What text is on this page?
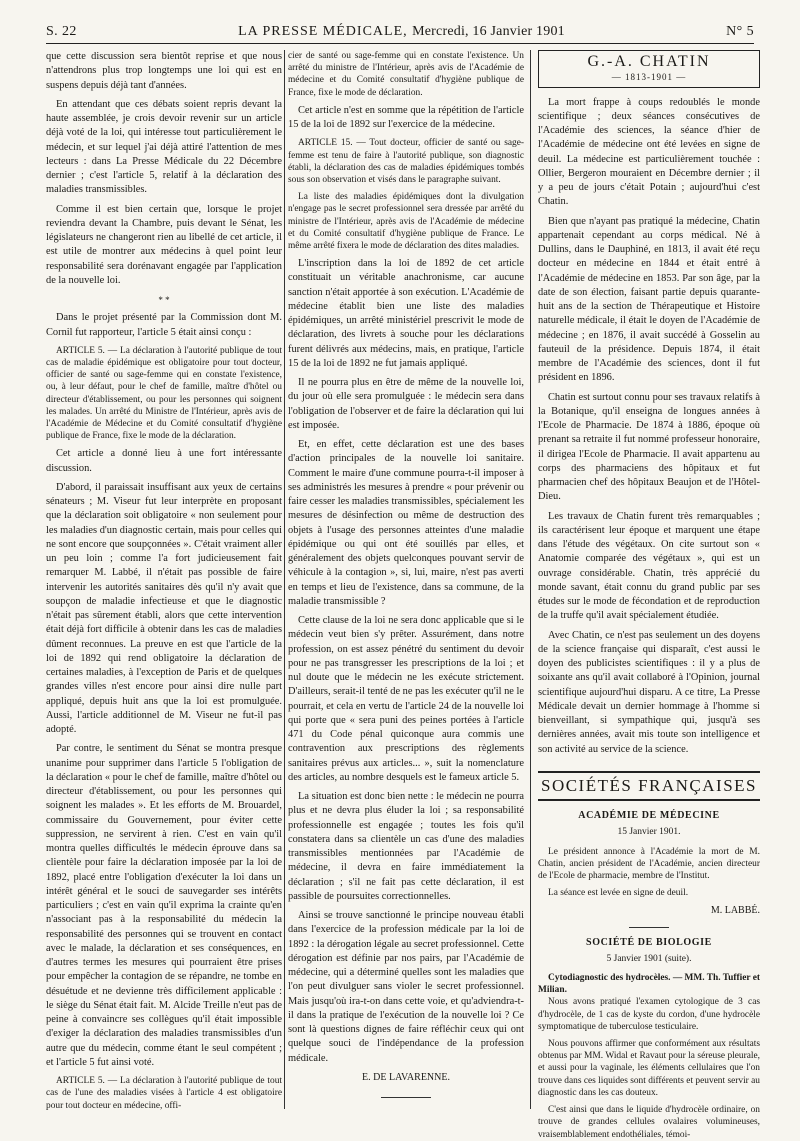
S. 22	LA PRESSE MÉDICALE, Mercredi, 16 Janvier 1901	N° 5

que cette discussion sera bientôt reprise et que nous n'attendrons plus trop longtemps une loi qui est en suspens depuis déjà tant d'années.

En attendant que ces débats soient repris devant la haute assemblée, je crois devoir revenir sur un article déjà voté de la loi, qui intéresse tout particulièrement le médecin, et sur lequel j'ai déjà attiré l'attention de mes lecteurs : dans La Presse Médicale du 22 Décembre dernier ; c'est l'article 5, relatif à la déclaration des maladies transmissibles.

Comme il est bien certain que, lorsque le projet reviendra devant la Chambre, puis devant le Sénat, les législateurs ne changeront rien au libellé de cet article, il est utile de montrer aux médecins à quel point leur responsabilité sera dorénavant engagée par l'application de la nouvelle loi.

* *

Dans le projet présenté par la Commission dont M. Cornil fut rapporteur, l'article 5 était ainsi conçu :

ARTICLE 5. — La déclaration à l'autorité publique de tout cas de maladie épidémique est obligatoire pour tout docteur, officier de santé ou sage-femme qui en constate l'existence, ou, à leur défaut, pour le chef de famille, maître d'hôtel ou directeur d'établissement, ou pour les personnes qui soignent les malades. Un arrêté du Ministre de l'Intérieur, après avis de l'Académie de Médecine et du Comité consultatif d'hygiène publique de France, fixe le mode de la déclaration.

Cet article a donné lieu à une fort intéressante discussion.

D'abord, il paraissait insuffisant aux yeux de certains sénateurs ; M. Viseur fut leur interprète en proposant que la déclaration soit obligatoire « non seulement pour les maladies d'un diagnostic certain, mais pour celles qui ne sont encore que soupçonnées ». C'était vraiment aller un peu loin ; comme l'a fort judicieusement fait remarquer M. Labbé, il n'était pas possible de faire intervenir les autorités sanitaires dès qu'il n'y avait que soupçon de maladie infectieuse et que le diagnostic n'était pas sûrement établi, alors que cette intervention était déjà fort difficile à obtenir dans les cas de maladies dûment reconnues. La preuve en est que l'article de la loi de 1892 qui rend obligatoire la déclaration de certaines maladies, à l'exception de Paris et de quelques grandes villes n'est encore pour ainsi dire nulle part appliqué, depuis huit ans que la loi est promulguée. Aussi, l'article additionnel de M. Viseur ne fut-il pas adopté.

Par contre, le sentiment du Sénat se montra presque unanime pour supprimer dans l'article 5 l'obligation de la déclaration « pour le chef de famille, maître d'hôtel ou directeur d'établissement, ou pour les personnes qui soignent les malades ». Et les efforts de M. Brouardel, commissaire du Gouvernement, pour éviter cette suppression, ne servirent à rien. C'est en vain qu'il montra quelles difficultés le médecin éprouve dans sa clientèle pour faire la déclaration imposée par la loi de 1892, placé entre l'obligation d'exécuter la loi dans un intérêt général et le souci de sauvegarder ses intérêts particuliers ; c'est en vain qu'il exprima la crainte qu'en n'associant pas à la responsabilité du médecin la responsabilité des personnes qui se trouvent en contact avec le malade, la déclaration et ses conséquences, en d'autres termes les mesures qui pourraient être prises pour empêcher la contagion de se répandre, ne tombe en désuétude et ne devienne très difficilement applicable : le siège du Sénat était fait. M. Alcide Treille n'eut pas de peine à convaincre ses collègues qu'il était impossible d'exiger la déclaration des maladies transmissibles d'un autre que du médecin, comme étant le seul compétent ; et l'article 5 fut ainsi voté.

ARTICLE 5. — La déclaration à l'autorité publique de tout cas de l'une des maladies visées à l'article 4 est obligatoire pour tout docteur en médecine, offi-

cier de santé ou sage-femme qui en constate l'existence. Un arrêté du ministre de l'Intérieur, après avis de l'Académie de médecine et du Comité consultatif d'hygiène publique de France, fixe le mode de déclaration.

Cet article n'est en somme que la répétition de l'article 15 de la loi de 1892 sur l'exercice de la médecine.

ARTICLE 15. — Tout docteur, officier de santé ou sage-femme est tenu de faire à l'autorité publique, son diagnostic établi, la déclaration des cas de maladies épidémiques tombés sous son observation et visés dans le paragraphe suivant.

La liste des maladies épidémiques dont la divulgation n'engage pas le secret professionnel sera dressée par arrêté du ministre de l'Intérieur, après avis de l'Académie de médecine et du Comité consultatif d'hygiène publique de France. Le même arrêté fixera le mode de déclaration des dites maladies.

L'inscription dans la loi de 1892 de cet article constituait un véritable anachronisme, car aucune sanction n'était apportée à son exécution. L'Académie de médecine établit bien une liste des maladies épidémiques, un arrêté ministériel prescrivit le mode de déclaration, des livrets à souche pour les déclarations furent délivrés aux médecins, mais, en pratique, l'article 15 de la loi de 1892 ne fut jamais appliqué.

Il ne pourra plus en être de même de la nouvelle loi, du jour où elle sera promulguée : le médecin sera dans l'obligation de l'observer et de faire la déclaration qui lui est imposée.

Et, en effet, cette déclaration est une des bases d'action principales de la nouvelle loi sanitaire. Comment le maire d'une commune pourra-t-il imposer à ses administrés les mesures à prendre « pour prévenir ou faire cesser les maladies transmissibles, spécialement les mesures de désinfection ou même de destruction des objets à l'usage des personnes atteintes d'une maladie épidémique ou qui ont été souillés par elles, et généralement des objets quelconques pouvant servir de véhicule à la contagion », si, lui, maire, n'est pas averti en temps et lieu de l'existence, dans sa commune, de la maladie transmissible ?

Cette clause de la loi ne sera donc applicable que si le médecin veut bien s'y prêter. Assurément, dans notre profession, on est assez pénétré du sentiment du devoir pour ne pas transgresser les prescriptions de la loi ; et nul doute que le médecin ne les exécute strictement. D'ailleurs, serait-il tenté de ne pas les exécuter qu'il ne le pourrait, et cela en vertu de l'article 24 de la nouvelle loi qui porte que « sera puni des peines portées à l'article 471 du Code pénal quiconque aura commis une contravention aux prescriptions des règlements sanitaires prévus aux articles... », suit la nomenclature des articles, au nombre desquels est le fameux article 5.

La situation est donc bien nette : le médecin ne pourra plus et ne devra plus éluder la loi ; sa responsabilité professionnelle est engagée ; toutes les fois qu'il constatera dans sa clientèle un cas d'une des maladies transmissibles mentionnées par l'Académie de médecine, il devra en faire immédiatement la déclaration ; s'il ne fait pas cette déclaration, il est passible de poursuites correctionnelles.

Ainsi se trouve sanctionné le principe nouveau établi dans l'exercice de la profession médicale par la loi de 1892 : la dérogation légale au secret professionnel. Cette dérogation est définie par nos pairs, par l'Académie de médecine, qui a déterminé quelles sont les maladies que l'on peut divulguer sans violer le secret professionnel. Mais jusqu'où ira-t-on dans cette voie, et qu'adviendra-t-il dans la pratique de l'exécution de la nouvelle loi ? Ce sont là questions dignes de faire réfléchir ceux qui ont quelque souci de l'indépendance de la profession médicale.

E. DE LAVARENNE.
G.-A. CHATIN
— 1813-1901 —

La mort frappe à coups redoublés le monde scientifique ; deux séances consécutives de l'Académie des sciences, la séance d'hier de l'Académie de médecine ont été levées en signe de deuil. La médecine est particulièrement touchée : Ollier, Bergeron mouraient en Décembre dernier ; il y a peu de jours c'était Potain ; aujourd'hui c'est Chatin.

Bien que n'ayant pas pratiqué la médecine, Chatin appartenait cependant au corps médical. Né à Dullins, dans le Dauphiné, en 1813, il avait été reçu docteur en médecine en 1844 et était entré à l'Académie de médecine en 1853. Par son âge, par la date de son élection, faisant partie depuis quarante-huit ans de la section de Thérapeutique et Histoire naturelle médicale, il était le doyen de l'Académie de médecine ; en 1876, il avait succédé à Gosselin au fauteuil de la présidence. Depuis 1874, il était membre de l'Académie des sciences, dont il fut président en 1896.

Chatin est surtout connu pour ses travaux relatifs à la Botanique, qu'il enseigna de longues années à l'Ecole de Pharmacie. De 1874 à 1886, époque où prenant sa retraite il fut nommé professeur honoraire, il dirigea l'Ecole de Pharmacie. Il avait appartenu au corps des pharmaciens des hôpitaux et fut pharmacien chef des hôpitaux Beaujon et de l'Hôtel-Dieu.

Les travaux de Chatin furent très remarquables ; ils caractérisent leur époque et marquent une étape dans l'étude des végétaux. On cite surtout son « Anatomie comparée des végétaux », qui est un ouvrage considérable. Chatin, très apprécié du monde savant, était connu du grand public par ses études sur le mode de fécondation et de reproduction de la truffe qu'il avait spécialement étudiée.

Avec Chatin, ce n'est pas seulement un des doyens de la science française qui disparaît, c'est aussi le doyen des publicistes scientifiques : il y a plus de soixante ans qu'il avait collaboré à l'Opinion, journal scientifique aujourd'hui disparu. A ce titre, La Presse Médicale devait un dernier hommage à l'homme si bienveillant, si sympathique qui, jusqu'à ses dernières années, avait mis toute son intelligence et son activité au service de la science.

SOCIÉTÉS FRANÇAISES
ACADÉMIE DE MÉDECINE
15 Janvier 1901.

Le président annonce à l'Académie la mort de M. Chatin, ancien président de l'Académie, ancien directeur de l'Ecole de pharmacie, membre de l'Institut.

La séance est levée en signe de deuil.

M. LABBÉ.
SOCIÉTÉ DE BIOLOGIE
5 Janvier 1901 (suite).

Cytodiagnostic des hydrocèles. — MM. Th. Tuffier et Milian.

Nous avons pratiqué l'examen cytologique de 3 cas d'hydrocèle, de 1 cas de kyste du cordon, d'une hydrocèle symptomatique de tuberculose testiculaire.

Nous pouvons affirmer que conformément aux résultats obtenus par MM. Widal et Ravaut pour la séreuse pleurale, et aussi pour la vaginale, les éléments cellulaires que l'on trouve dans ces liquides sont différents et peuvent servir au diagnostic dans les cas douteux.

C'est ainsi que dans le liquide d'hydrocèle ordinaire, on trouve de grandes cellules ovalaires volumineuses, vraisemblablement endothéliales, témoi-
